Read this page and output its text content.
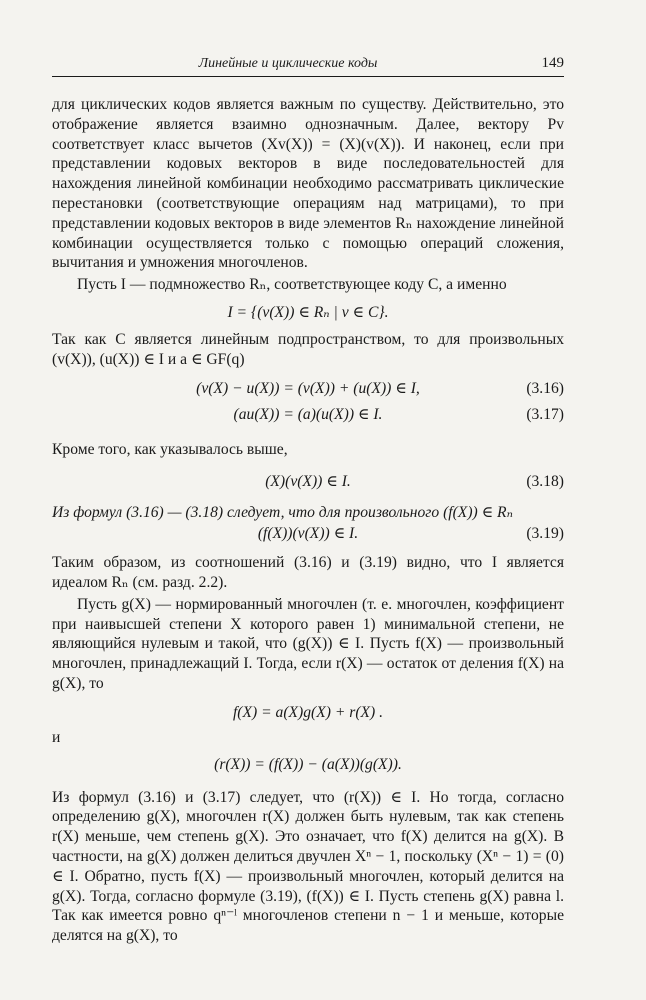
Линейные и циклические коды	149

для циклических кодов является важным по существу. Действительно, это отображение является взаимно однозначным. Далее, вектору Pv соответствует класс вычетов (Xv(X)) = (X)(v(X)). И наконец, если при представлении кодовых векторов в виде последовательностей для нахождения линейной комбинации необходимо рассматривать циклические перестановки (соответствующие операциям над матрицами), то при представлении кодовых векторов в виде элементов Rₙ нахождение линейной комбинации осуществляется только с помощью операций сложения, вычитания и умножения многочленов.

Пусть I — подмножество Rₙ, соответствующее коду C, а именно

I = {(v(X)) ∈ Rₙ | v ∈ C}.

Так как C является линейным подпространством, то для произвольных (v(X)), (u(X)) ∈ I и a ∈ GF(q)

(v(X) − u(X)) = (v(X)) + (u(X)) ∈ I,	(3.16)
(au(X)) = (a)(u(X)) ∈ I.	(3.17)

Кроме того, как указывалось выше,

(X)(v(X)) ∈ I.	(3.18)

Из формул (3.16) — (3.18) следует, что для произвольного (f(X)) ∈ Rₙ

(f(X))(v(X)) ∈ I.	(3.19)

Таким образом, из соотношений (3.16) и (3.19) видно, что I является идеалом Rₙ (см. разд. 2.2).

Пусть g(X) — нормированный многочлен (т. е. многочлен, коэффициент при наивысшей степени X которого равен 1) минимальной степени, не являющийся нулевым и такой, что (g(X)) ∈ I. Пусть f(X) — произвольный многочлен, принадлежащий I. Тогда, если r(X) — остаток от деления f(X) на g(X), то

f(X) = a(X)g(X) + r(X) .

и

(r(X)) = (f(X)) − (a(X))(g(X)).

Из формул (3.16) и (3.17) следует, что (r(X)) ∈ I. Но тогда, согласно определению g(X), многочлен r(X) должен быть нулевым, так как степень r(X) меньше, чем степень g(X). Это означает, что f(X) делится на g(X). В частности, на g(X) должен делиться двучлен Xⁿ − 1, поскольку (Xⁿ − 1) = (0) ∈ I. Обратно, пусть f(X) — произвольный многочлен, который делится на g(X). Тогда, согласно формуле (3.19), (f(X)) ∈ I. Пусть степень g(X) равна l. Так как имеется ровно qⁿ⁻ˡ многочленов степени n − 1 и меньше, которые делятся на g(X), то
